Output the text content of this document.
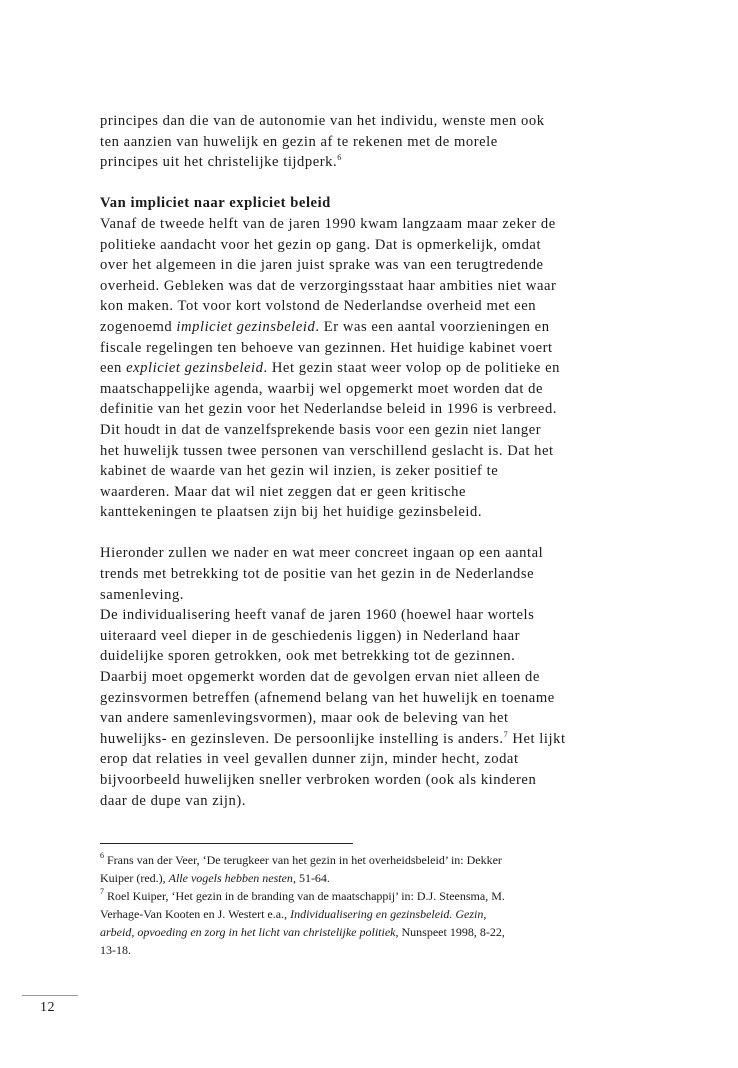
principes dan die van de autonomie van het individu, wenste men ook
ten aanzien van huwelijk en gezin af te rekenen met de morele
principes uit het christelijke tijdperk.$^6$
Van impliciet naar expliciet beleid
Vanaf de tweede helft van de jaren 1990 kwam langzaam maar zeker de
politieke aandacht voor het gezin op gang. Dat is opmerkelijk, omdat
over het algemeen in die jaren juist sprake was van een terugtredende
overheid. Gebleken was dat de verzorgingsstaat haar ambities niet waar
kon maken. Tot voor kort volstond de Nederlandse overheid met een
zogenoemd impliciet gezinsbeleid. Er was een aantal voorzieningen en
fiscale regelingen ten behoeve van gezinnen. Het huidige kabinet voert
een expliciet gezinsbeleid. Het gezin staat weer volop op de politieke en
maatschappelijke agenda, waarbij wel opgemerkt moet worden dat de
definitie van het gezin voor het Nederlandse beleid in 1996 is verbreed.
Dit houdt in dat de vanzelfsprekende basis voor een gezin niet langer
het huwelijk tussen twee personen van verschillend geslacht is. Dat het
kabinet de waarde van het gezin wil inzien, is zeker positief te
waarderen. Maar dat wil niet zeggen dat er geen kritische
kanttekeningen te plaatsen zijn bij het huidige gezinsbeleid.
Hieronder zullen we nader en wat meer concreet ingaan op een aantal
trends met betrekking tot de positie van het gezin in de Nederlandse
samenleving.
De individualisering heeft vanaf de jaren 1960 (hoewel haar wortels
uiteraard veel dieper in de geschiedenis liggen) in Nederland haar
duidelijke sporen getrokken, ook met betrekking tot de gezinnen.
Daarbij moet opgemerkt worden dat de gevolgen ervan niet alleen de
gezinsvormen betreffen (afnemend belang van het huwelijk en toename
van andere samenlevingsvormen), maar ook de beleving van het
huwelijks- en gezinsleven. De persoonlijke instelling is anders.$^7$ Het lijkt
erop dat relaties in veel gevallen dunner zijn, minder hecht, zodat
bijvoorbeeld huwelijken sneller verbroken worden (ook als kinderen
daar de dupe van zijn).
$^6$ Frans van der Veer, ‘De terugkeer van het gezin in het overheidsbeleid’ in: Dekker
Kuiper (red.), Alle vogels hebben nesten, 51-64.
$^7$ Roel Kuiper, ‘Het gezin in de branding van de maatschappij’ in: D.J. Steensma, M.
Verhage-Van Kooten en J. Westert e.a., Individualisering en gezinsbeleid. Gezin,
arbeid, opvoeding en zorg in het licht van christelijke politiek, Nunspeet 1998, 8-22,
13-18.
12
